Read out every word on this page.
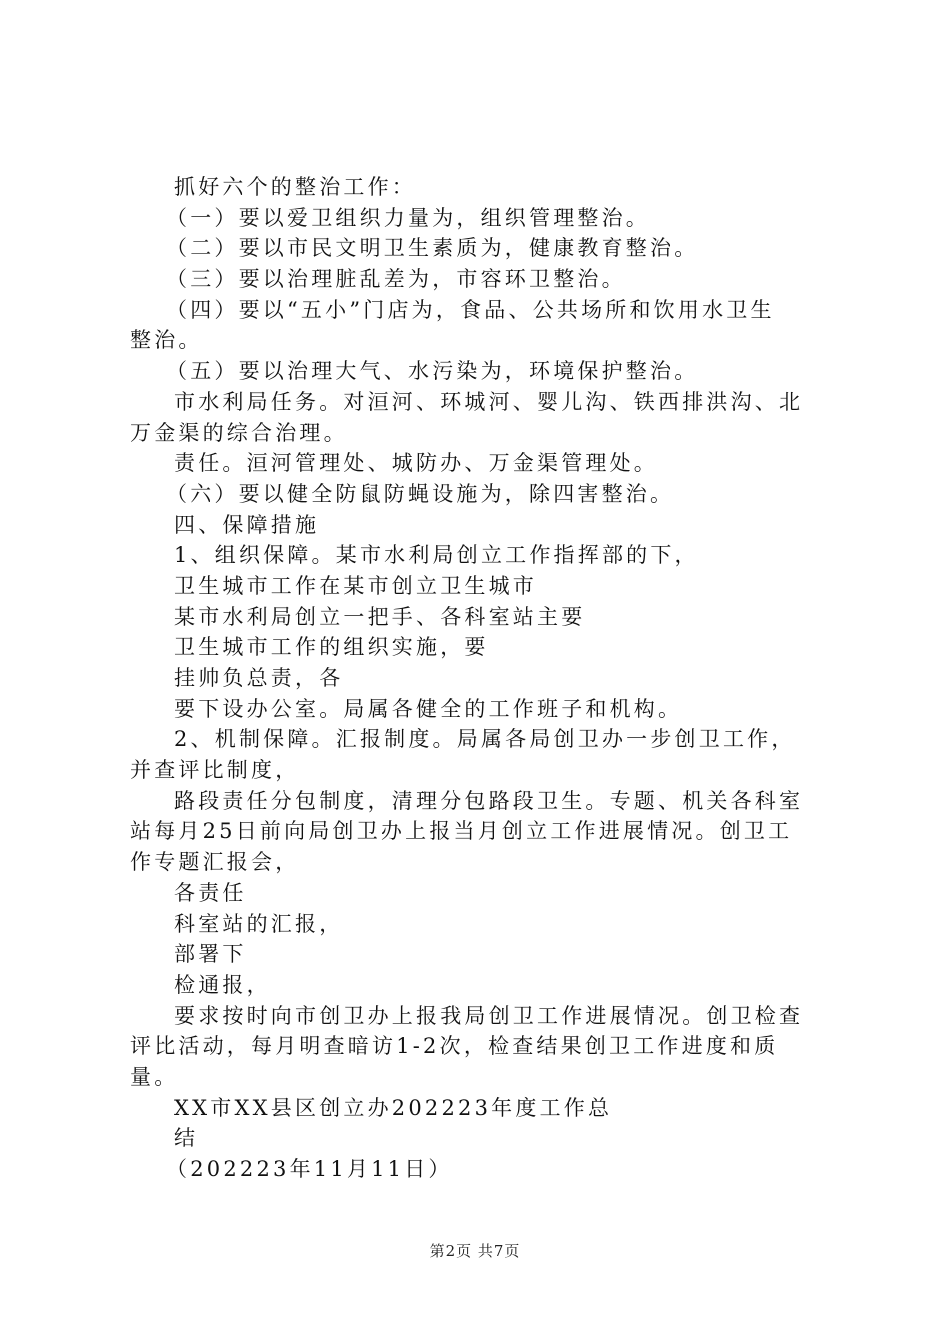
抓好六个的整治工作：
（一）要以爱卫组织力量为，组织管理整治。
（二）要以市民文明卫生素质为，健康教育整治。
（三）要以治理脏乱差为，市容环卫整治。
（四）要以“五小”门店为，食品、公共场所和饮用水卫生
整治。
（五）要以治理大气、水污染为，环境保护整治。
市水利局任务。对洹河、环城河、婴儿沟、铁西排洪沟、北
万金渠的综合治理。
责任。洹河管理处、城防办、万金渠管理处。
（六）要以健全防鼠防蝇设施为，除四害整治。
四、保障措施
1、组织保障。某市水利局创立工作指挥部的下，
卫生城市工作在某市创立卫生城市
某市水利局创立一把手、各科室站主要
卫生城市工作的组织实施，要
挂帅负总责，各
要下设办公室。局属各健全的工作班子和机构。
2、机制保障。汇报制度。局属各局创卫办一步创卫工作，
并查评比制度，
路段责任分包制度，清理分包路段卫生。专题、机关各科室
站每月25日前向局创卫办上报当月创立工作进展情况。创卫工
作专题汇报会，
各责任
科室站的汇报，
部署下
检通报，
要求按时向市创卫办上报我局创卫工作进展情况。创卫检查
评比活动，每月明查暗访1-2次，检查结果创卫工作进度和质
量。
XX市XX县区创立办202223年度工作总
结
（202223年11月11日）
第2页 共7页
